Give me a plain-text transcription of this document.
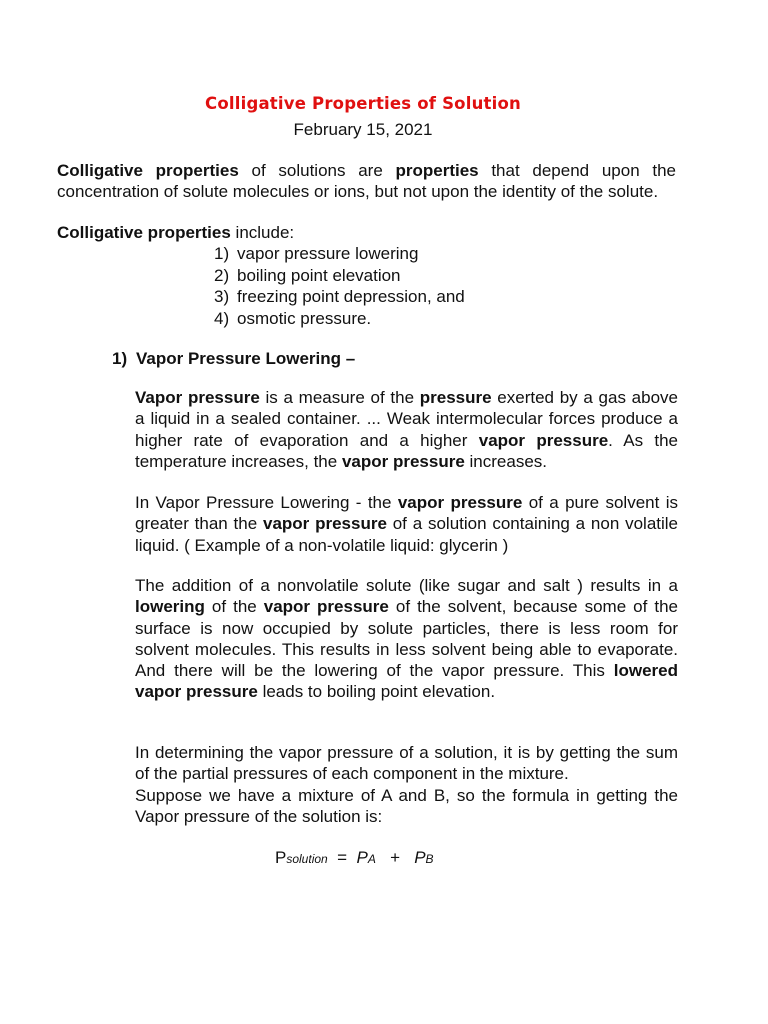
Colligative Properties of Solution
February 15, 2021
Colligative properties of solutions are properties that depend upon the concentration of solute molecules or ions, but not upon the identity of the solute.
Colligative properties include:
1) vapor pressure lowering
2) boiling point elevation
3) freezing point depression, and
4) osmotic pressure.
1) Vapor Pressure Lowering –
Vapor pressure is a measure of the pressure exerted by a gas above a liquid in a sealed container. ... Weak intermolecular forces produce a higher rate of evaporation and a higher vapor pressure. As the temperature increases, the vapor pressure increases.
In Vapor Pressure Lowering - the vapor pressure of a pure solvent is greater than the vapor pressure of a solution containing a non volatile liquid. ( Example of a non-volatile liquid: glycerin )
The addition of a nonvolatile solute (like sugar and salt ) results in a lowering of the vapor pressure of the solvent, because some of the surface is now occupied by solute particles, there is less room for solvent molecules. This results in less solvent being able to evaporate. And there will be the lowering of the vapor pressure. This lowered vapor pressure leads to boiling point elevation.
In determining the vapor pressure of a solution, it is by getting the sum of the partial pressures of each component in the mixture.
Suppose we have a mixture of A and B, so the formula in getting the Vapor pressure of the solution is:
Psolution  =  PA   +   PB
